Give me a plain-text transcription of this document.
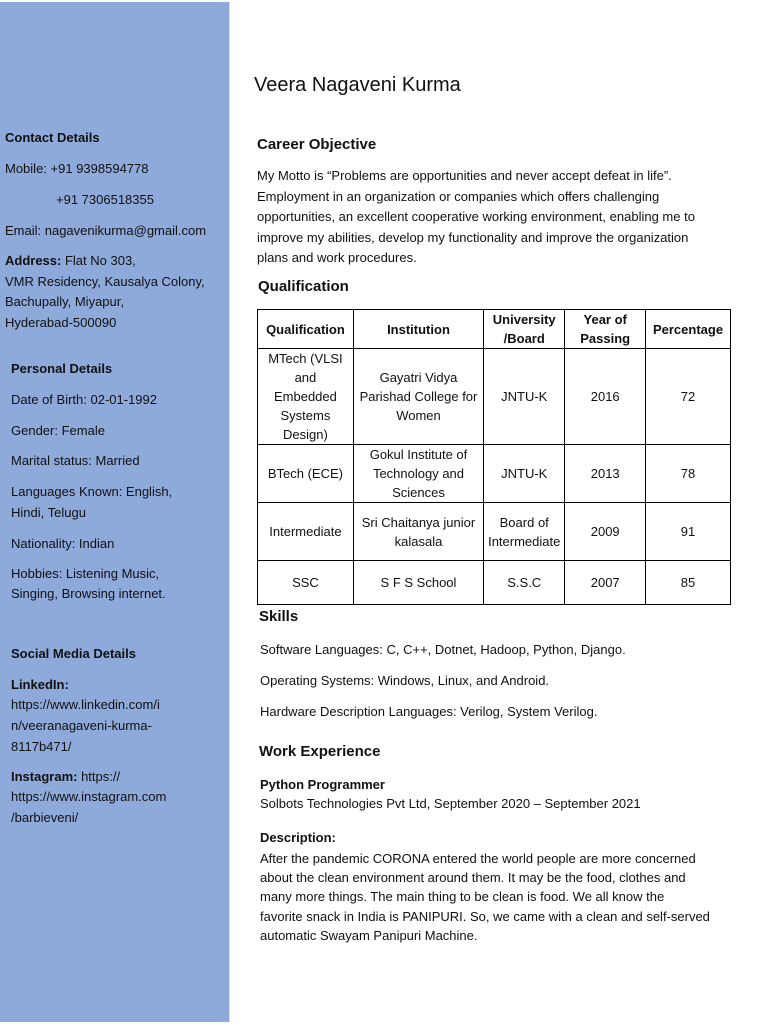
Contact Details
Mobile: +91 9398594778
+91 7306518355
Email: nagavenikurma@gmail.com
Address: Flat No 303,
VMR Residency, Kausalya Colony,
Bachupally, Miyapur,
Hyderabad-500090
Personal Details
Date of Birth: 02-01-1992
Gender: Female
Marital status: Married
Languages Known: English,
Hindi, Telugu
Nationality: Indian
Hobbies: Listening Music,
Singing, Browsing internet.
Social Media Details
LinkedIn:
https://www.linkedin.com/i
n/veeranagaveni-kurma-
8117b471/
Instagram: https://
https://www.instagram.com
/barbieveni/
Veera Nagaveni Kurma
Career Objective
My Motto is “Problems are opportunities and never accept defeat in life”.
Employment in an organization or companies which offers challenging
opportunities, an excellent cooperative working environment, enabling me to
improve my abilities, develop my functionality and improve the organization
plans and work procedures.
Qualification
Qualification	Institution	University /Board	Year of Passing	Percentage
MTech (VLSI and Embedded Systems Design)	Gayatri Vidya Parishad College for Women	JNTU-K	2016	72
BTech (ECE)	Gokul Institute of Technology and Sciences	JNTU-K	2013	78
Intermediate	Sri Chaitanya junior kalasala	Board of Intermediate	2009	91
SSC	S F S School	S.S.C	2007	85
Skills
Software Languages: C, C++, Dotnet, Hadoop, Python, Django.
Operating Systems: Windows, Linux, and Android.
Hardware Description Languages: Verilog, System Verilog.
Work Experience
Python Programmer
Solbots Technologies Pvt Ltd, September 2020 – September 2021
Description:
After the pandemic CORONA entered the world people are more concerned
about the clean environment around them. It may be the food, clothes and
many more things. The main thing to be clean is food. We all know the
favorite snack in India is PANIPURI. So, we came with a clean and self-served
automatic Swayam Panipuri Machine.
